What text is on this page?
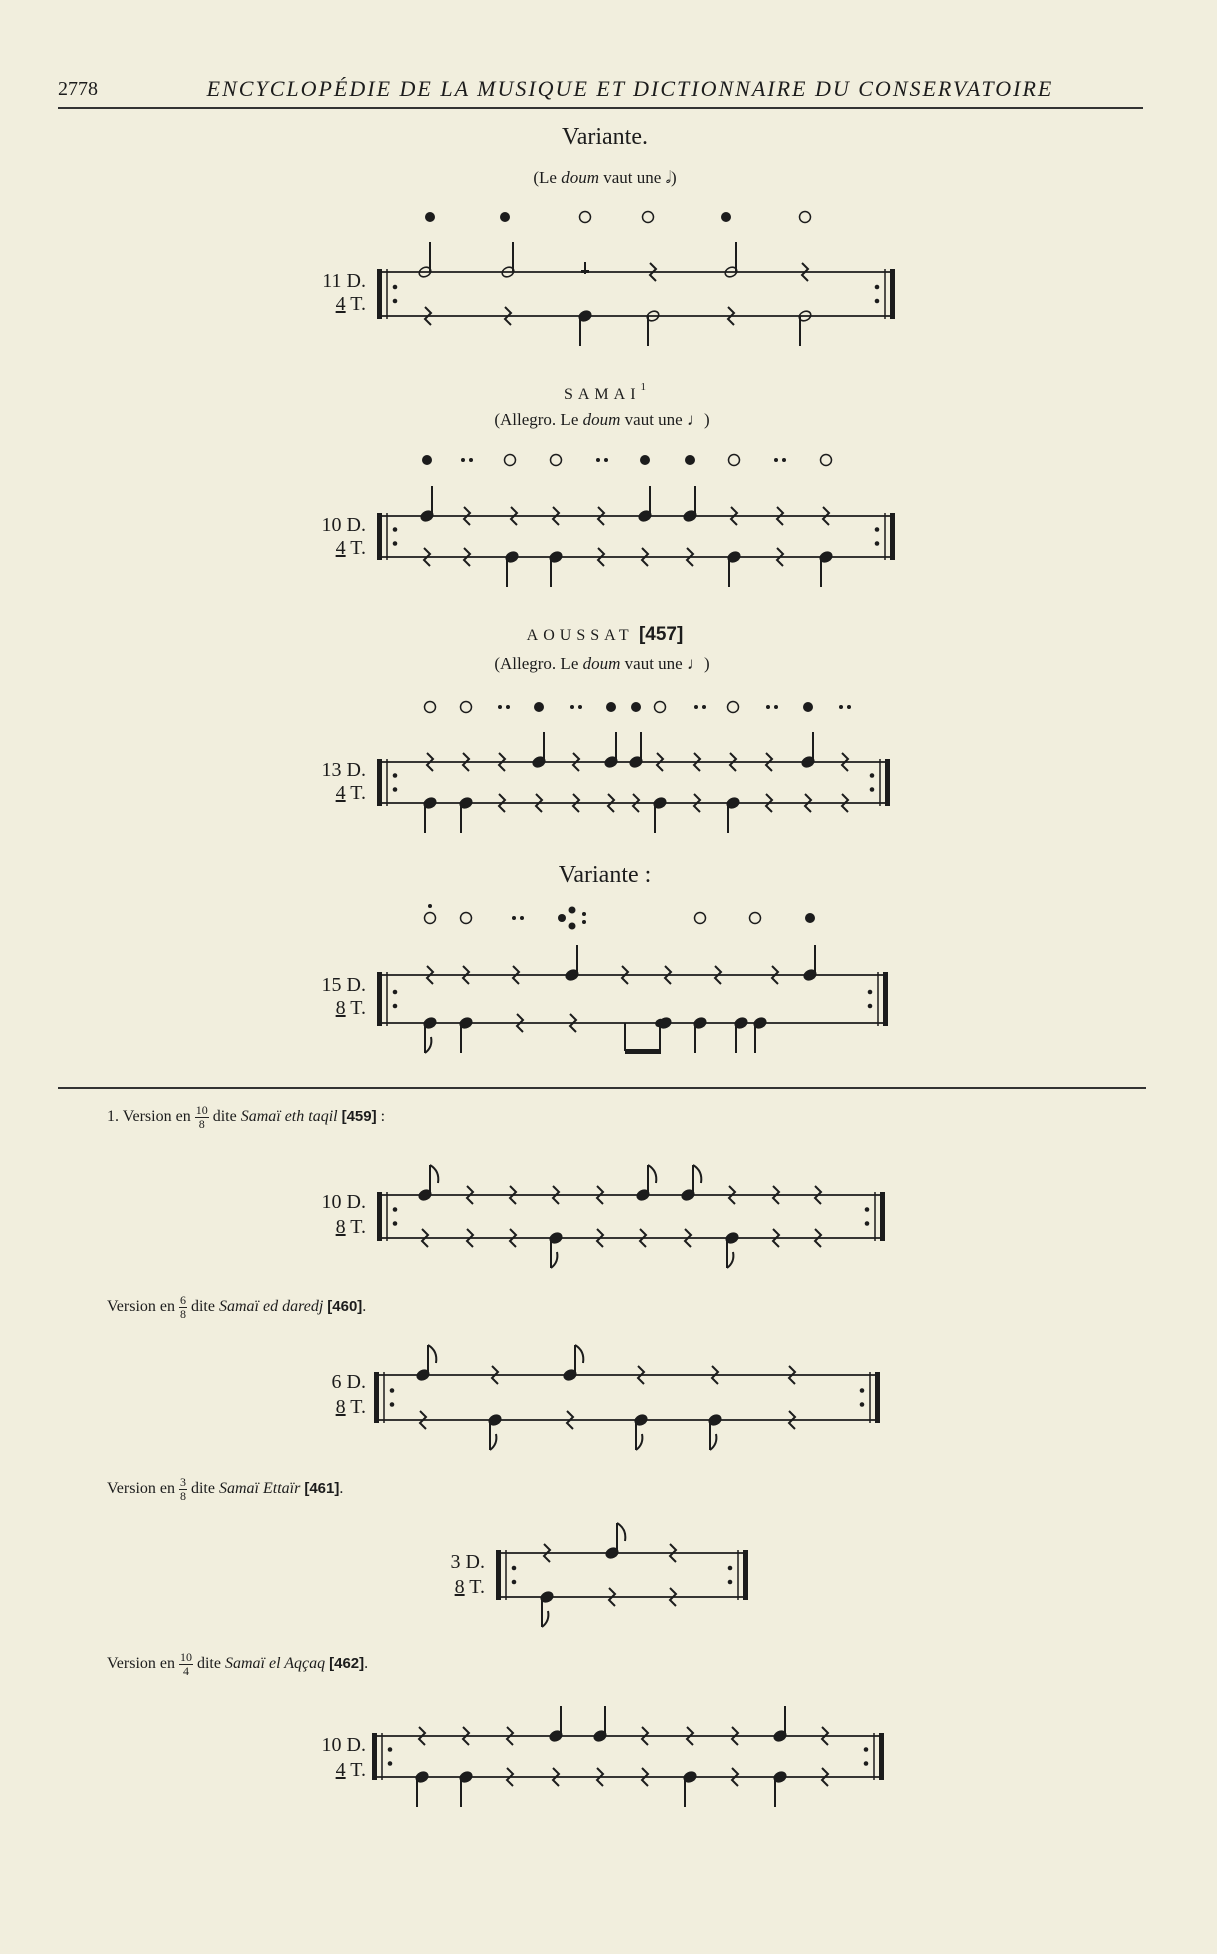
2778	ENCYCLOPÉDIE DE LA MUSIQUE ET DICTIONNAIRE DU CONSERVATOIRE
Variante.
(Le doum vaut une 𝅗𝅥)
11 D.
4 T.
SAMAI$^1$
(Allegro. Le doum vaut une ♩)
10 D.
4 T.
AOUSSAT [457]
(Allegro. Le doum vaut une ♩)
13 D.
4 T.
Variante :
15 D.
8 T.
1. Version en $\frac{10}{8}$ dite Samaï eth taqil [459] :
10 D.
8 T.
Version en $\frac{6}{8}$ dite Samaï ed daredj [460].
6 D.
8 T.
Version en $\frac{3}{8}$ dite Samaï Ettaïr [461].
3 D.
8 T.
Version en $\frac{10}{4}$ dite Samaï el Aqçaq [462].
10 D.
4 T.
